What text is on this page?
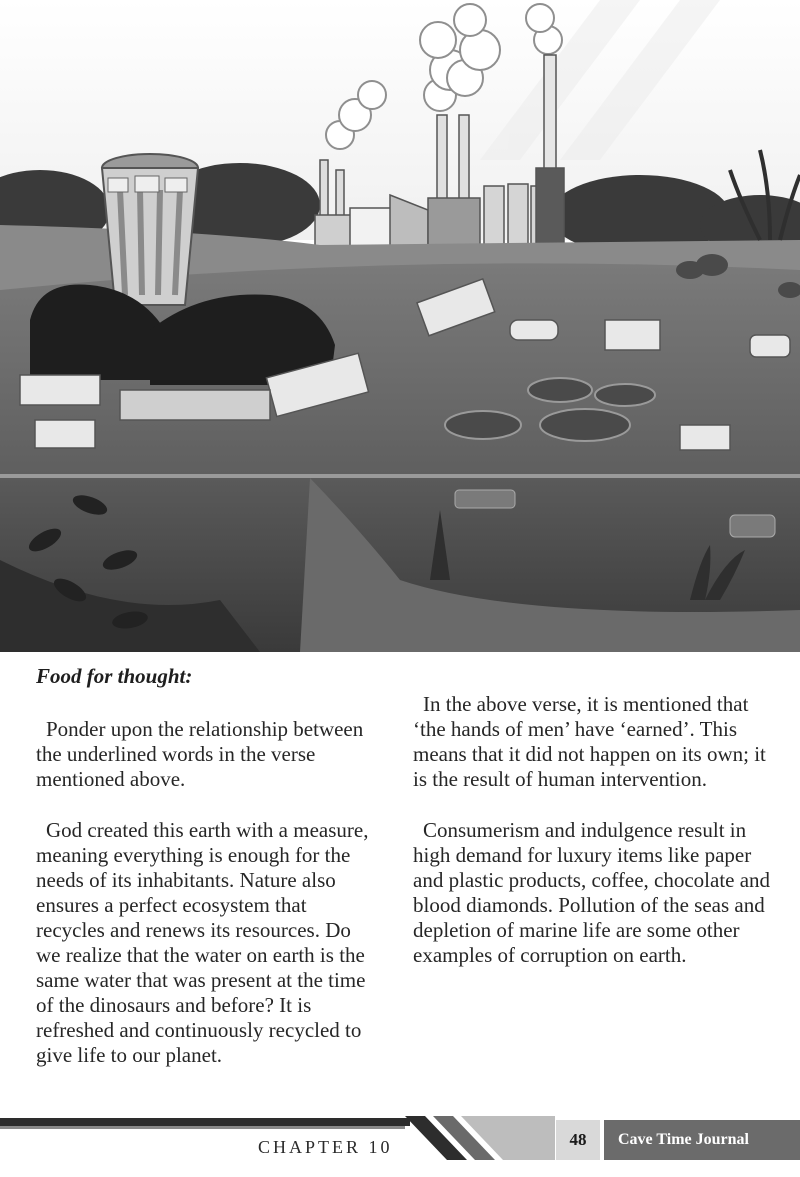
Food for thought:

Ponder upon the relationship between the underlined words in the verse mentioned above.

God created this earth with a measure, meaning everything is enough for the needs of its inhabitants. Nature also ensures a perfect ecosystem that recycles and renews its resources. Do we realize that the water on earth is the same water that was present at the time of the dinosaurs and before? It is refreshed and continuously recycled to give life to our planet.

In the above verse, it is mentioned that ‘the hands of men’ have ‘earned’. This means that it did not happen on its own; it is the result of human intervention.

Consumerism and indulgence result in high demand for luxury items like paper and plastic products, coffee, chocolate and blood diamonds. Pollution of the seas and depletion of marine life are some other examples of corruption on earth.

CHAPTER 10	48	Cave Time Journal
